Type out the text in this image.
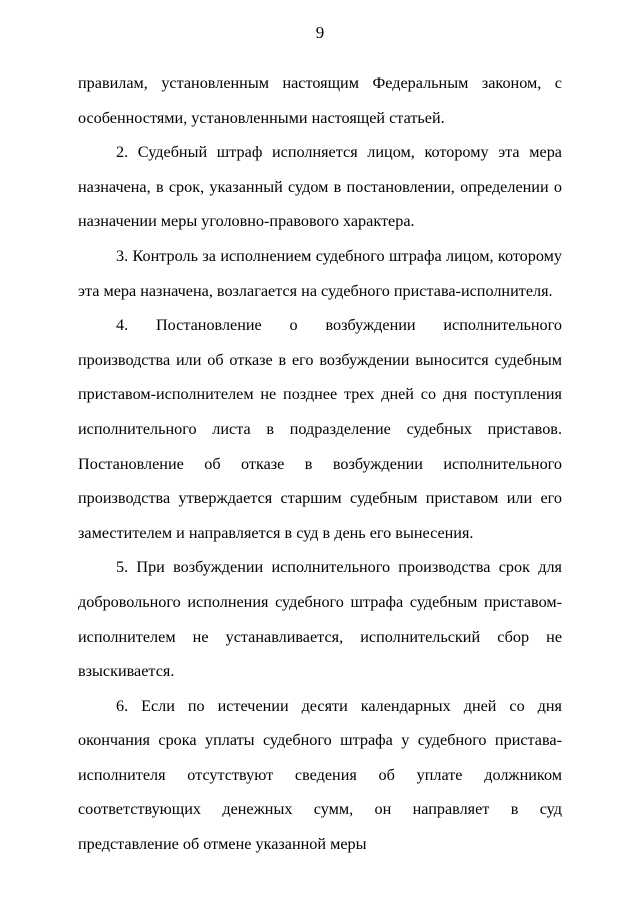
9

правилам, установленным настоящим Федеральным законом, с особенностями, установленными настоящей статьей.

2. Судебный штраф исполняется лицом, которому эта мера назначена, в срок, указанный судом в постановлении, определении о назначении меры уголовно-правового характера.

3. Контроль за исполнением судебного штрафа лицом, которому эта мера назначена, возлагается на судебного пристава-исполнителя.

4. Постановление о возбуждении исполнительного производства или об отказе в его возбуждении выносится судебным приставом-исполнителем не позднее трех дней со дня поступления исполнительного листа в подразделение судебных приставов. Постановление об отказе в возбуждении исполнительного производства утверждается старшим судебным приставом или его заместителем и направляется в суд в день его вынесения.

5. При возбуждении исполнительного производства срок для добровольного исполнения судебного штрафа судебным приставом-исполнителем не устанавливается, исполнительский сбор не взыскивается.

6. Если по истечении десяти календарных дней со дня окончания срока уплаты судебного штрафа у судебного пристава-исполнителя отсутствуют сведения об уплате должником соответствующих денежных сумм, он направляет в суд представление об отмене указанной меры
